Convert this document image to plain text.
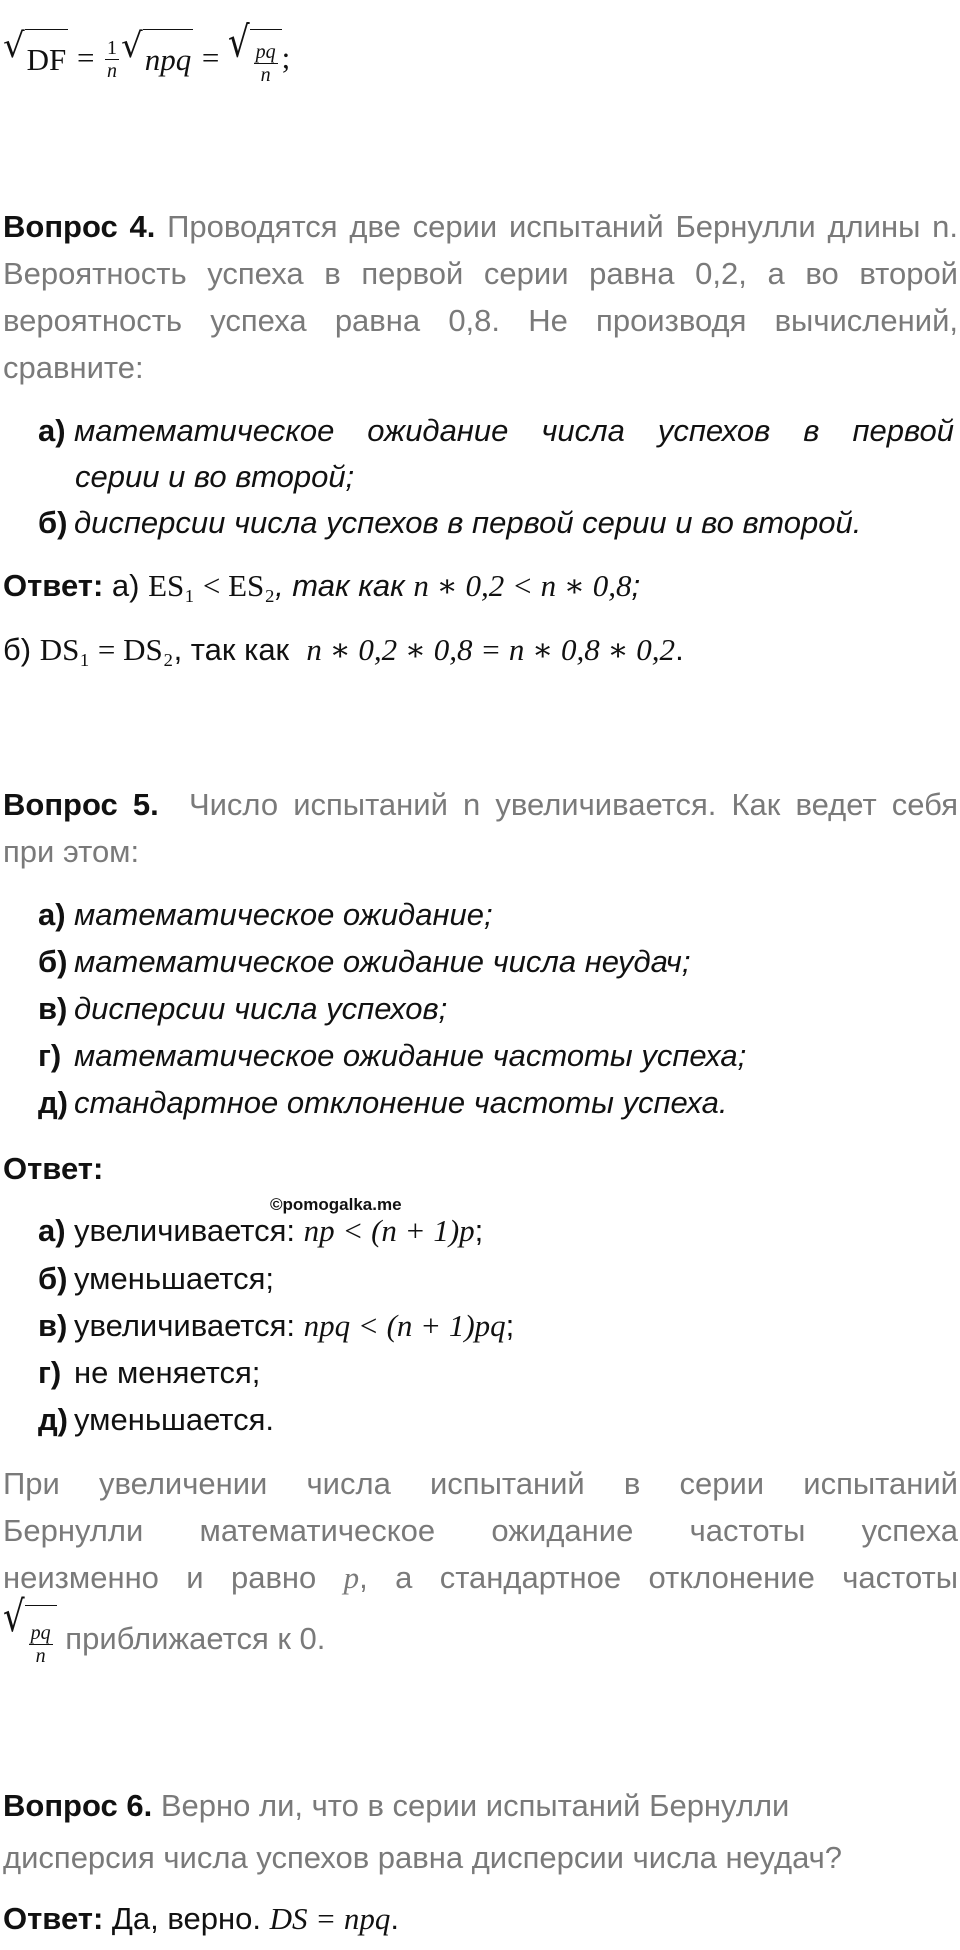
√ DF = $\frac{1}{n}$ √ npq = √ $\frac{pq}{n}$ ;
Вопрос 4. Проводятся две серии испытаний Бернулли длины n. Вероятность успеха в первой серии равна 0,2, а во второй вероятность успеха равна 0,8. Не производя вычислений, сравните:
а) математическое ожидание числа успехов в первой
серии и во второй;
б) дисперсии числа успехов в первой серии и во второй.
Ответ: а) ES₁ < ES₂, так как n ∗ 0,2 < n ∗ 0,8;
б) DS₁ = DS₂, так как n ∗ 0,2 ∗ 0,8 = n ∗ 0,8 ∗ 0,2.
Вопрос 5. Число испытаний n увеличивается. Как ведет себя при этом:
а) математическое ожидание;
б) математическое ожидание числа неудач;
в) дисперсии числа успехов;
г) математическое ожидание частоты успеха;
д) стандартное отклонение частоты успеха.
Ответ:
©pomogalka.me
а) увеличивается: np < (n + 1)p;
б) уменьшается;
в) увеличивается: npq < (n + 1)pq;
г) не меняется;
д) уменьшается.
При увеличении числа испытаний в серии испытаний
Бернулли математическое ожидание частоты успеха
неизменно и равно p, а стандартное отклонение частоты
√
$\frac{pq}{n}$ приближается к 0.
Вопрос 6. Верно ли, что в серии испытаний Бернулли
дисперсия числа успехов равна дисперсии числа неудач?
Ответ: Да, верно. DS = npq.
